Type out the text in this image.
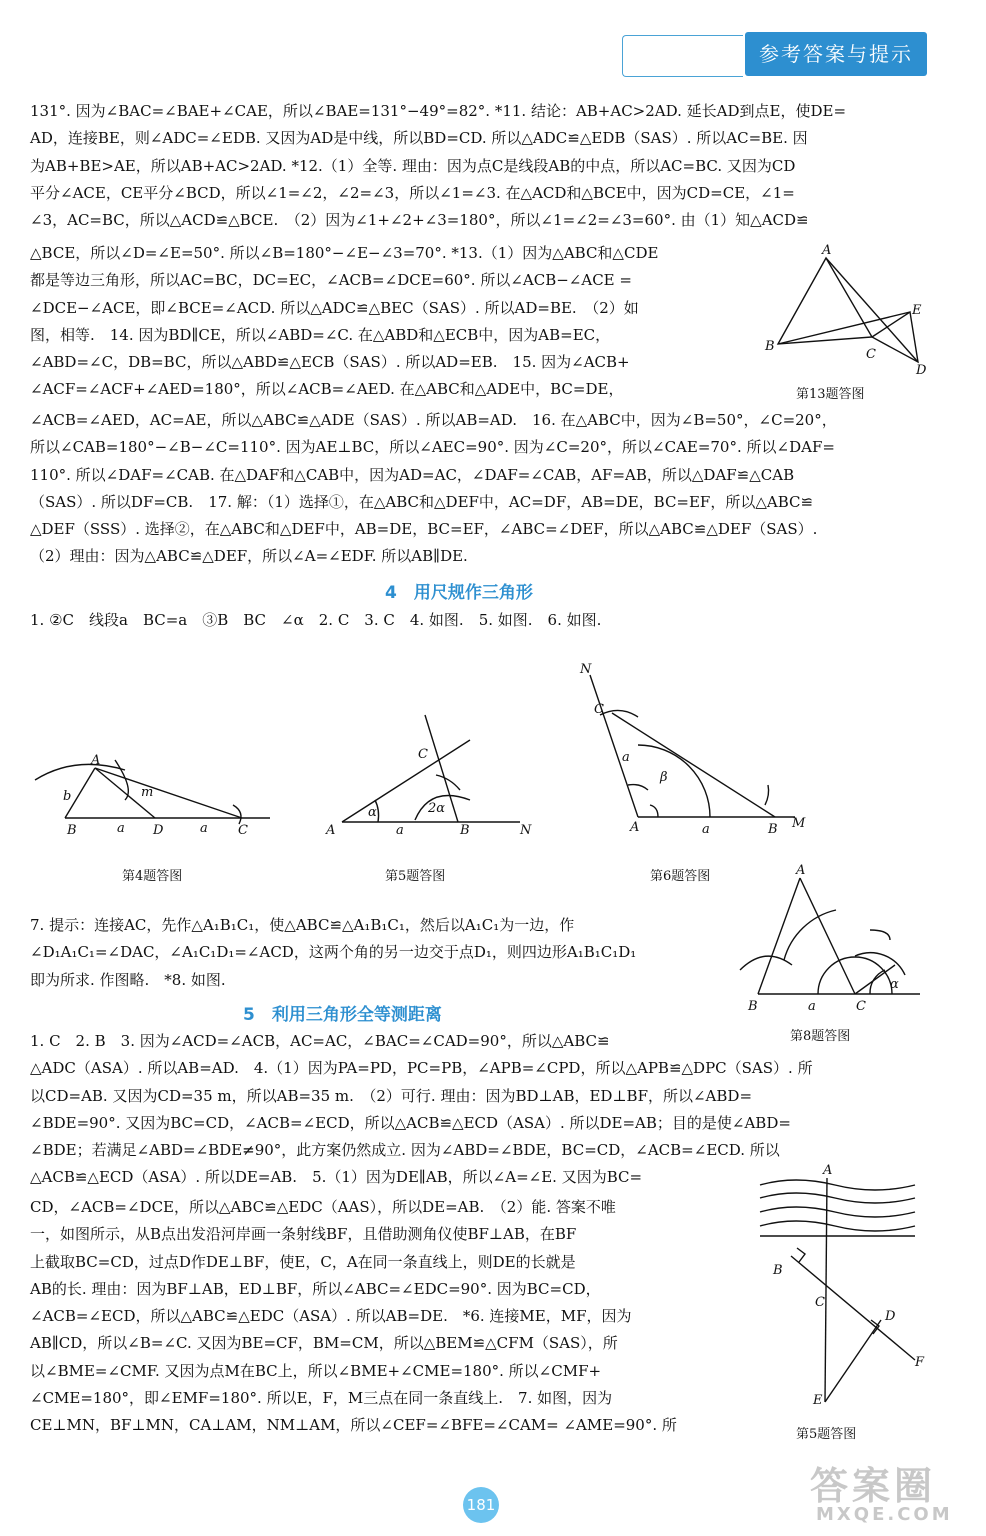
参考答案与提示

131°. 因为∠BAC=∠BAE+∠CAE，所以∠BAE=131°−49°=82°. *11. 结论：AB+AC>2AD. 延长AD到点E，使DE=

AD，连接BE，则∠ADC=∠EDB. 又因为AD是中线，所以BD=CD. 所以△ADC≌△EDB（SAS）. 所以AC=BE. 因

为AB+BE>AE，所以AB+AC>2AD. *12.（1）全等. 理由：因为点C是线段AB的中点，所以AC=BC. 又因为CD

平分∠ACE，CE平分∠BCD，所以∠1=∠2，∠2=∠3，所以∠1=∠3. 在△ACD和△BCE中，因为CD=CE，∠1=

∠3，AC=BC，所以△ACD≌△BCE.　（2）因为∠1+∠2+∠3=180°，所以∠1=∠2=∠3=60°. 由（1）知△ACD≌

△BCE，所以∠D=∠E=50°. 所以∠B=180°−∠E−∠3=70°. *13.（1）因为△ABC和△CDE

都是等边三角形，所以AC=BC，DC=EC，∠ACB=∠DCE=60°. 所以∠ACB−∠ACE =

∠DCE−∠ACE，即∠BCE=∠ACD. 所以△ADC≌△BEC（SAS）. 所以AD=BE.　（2）如

图，相等.　14. 因为BD∥CE，所以∠ABD=∠C. 在△ABD和△ECB中，因为AB=EC，

∠ABD=∠C，DB=BC，所以△ABD≌△ECB（SAS）. 所以AD=EB.　15. 因为∠ACB+

∠ACF=∠ACF+∠AED=180°，所以∠ACB=∠AED. 在△ABC和△ADE中，BC=DE，

∠ACB=∠AED，AC=AE，所以△ABC≌△ADE（SAS）. 所以AB=AD.　16. 在△ABC中，因为∠B=50°，∠C=20°，

所以∠CAB=180°−∠B−∠C=110°. 因为AE⊥BC，所以∠AEC=90°. 因为∠C=20°，所以∠CAE=70°. 所以∠DAF=

110°. 所以∠DAF=∠CAB. 在△DAF和△CAB中，因为AD=AC，∠DAF=∠CAB，AF=AB，所以△DAF≌△CAB

（SAS）. 所以DF=CB.　17. 解：（1）选择①，在△ABC和△DEF中，AC=DF，AB=DE，BC=EF，所以△ABC≌

△DEF（SSS）. 选择②，在△ABC和△DEF中，AB=DE，BC=EF，∠ABC=∠DEF，所以△ABC≌△DEF（SAS）.

（2）理由：因为△ABC≌△DEF，所以∠A=∠EDF. 所以AB∥DE.

4　用尺规作三角形

1. ②C　线段a　BC=a　③B　BC　∠α　2. C　3. C　4. 如图.　5. 如图.　6. 如图.

A
B
C
D
E
第13题答图
A
b	m
B	a D	a C
第4题答图
C
α	2α
A	a	B	N
第5题答图
N
C
a
β
A	a	B M
第6题答图

7. 提示：连接AC，先作△A₁B₁C₁，使△ABC≌△A₁B₁C₁，然后以A₁C₁为一边，作

∠D₁A₁C₁=∠DAC，∠A₁C₁D₁=∠ACD，这两个角的另一边交于点D₁，则四边形A₁B₁C₁D₁

即为所求. 作图略.　*8. 如图.

A
B	a	C
α
第8题答图
5　利用三角形全等测距离

1. C　2. B　3. 因为∠ACD=∠ACB，AC=AC，∠BAC=∠CAD=90°，所以△ABC≌

△ADC（ASA）. 所以AB=AD.　4.（1）因为PA=PD，PC=PB，∠APB=∠CPD，所以△APB≌△DPC（SAS）. 所

以CD=AB. 又因为CD=35 m，所以AB=35 m.　（2）可行. 理由：因为BD⊥AB，ED⊥BF，所以∠ABD=

∠BDE=90°. 又因为BC=CD，∠ACB=∠ECD，所以△ACB≌△ECD（ASA）. 所以DE=AB；目的是使∠ABD=

∠BDE；若满足∠ABD=∠BDE≠90°，此方案仍然成立. 因为∠ABD=∠BDE，BC=CD，∠ACB=∠ECD. 所以

△ACB≌△ECD（ASA）. 所以DE=AB.　5.（1）因为DE∥AB，所以∠A=∠E. 又因为BC=

CD，∠ACB=∠DCE，所以△ABC≌△EDC（AAS），所以DE=AB.　（2）能. 答案不唯

一，如图所示，从B点出发沿河岸画一条射线BF，且借助测角仪使BF⊥AB，在BF

上截取BC=CD，过点D作DE⊥BF，使E，C，A在同一条直线上，则DE的长就是

AB的长. 理由：因为BF⊥AB，ED⊥BF，所以∠ABC=∠EDC=90°. 因为BC=CD，

∠ACB=∠ECD，所以△ABC≌△EDC（ASA）. 所以AB=DE.　*6. 连接ME，MF，因为

AB∥CD，所以∠B=∠C. 又因为BE=CF，BM=CM，所以△BEM≌△CFM（SAS），所

以∠BME=∠CMF. 又因为点M在BC上，所以∠BME+∠CME=180°. 所以∠CMF+

∠CME=180°，即∠EMF=180°. 所以E，F，M三点在同一条直线上.　7. 如图，因为

CE⊥MN，BF⊥MN，CA⊥AM，NM⊥AM，所以∠CEF=∠BFE=∠CAM= ∠AME=90°. 所

A
B
C
D
F
E
第5题答图
181	答案圈
MXQE.COM
